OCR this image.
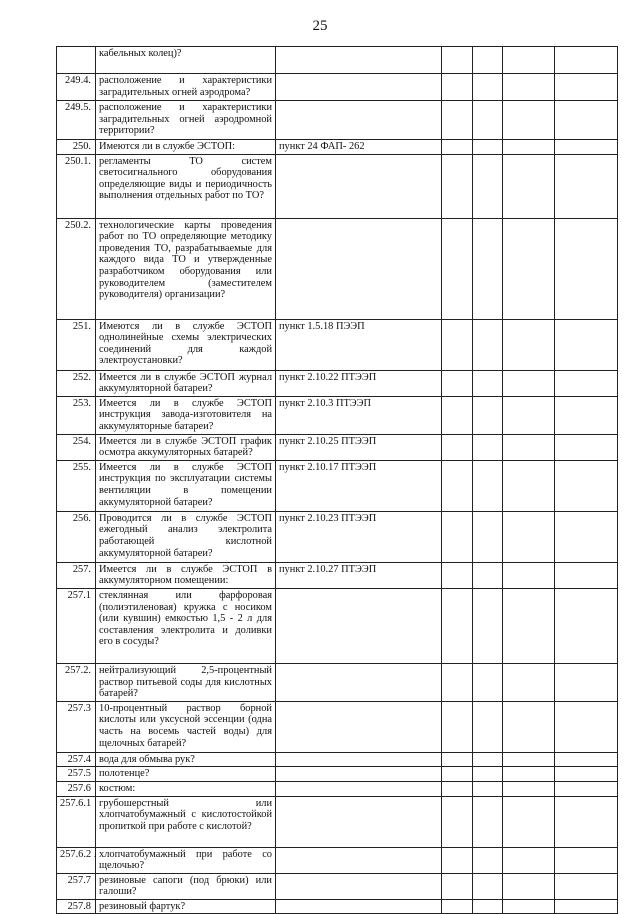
25
	кабельных колец)?					
249.4.	расположение и характеристики заградительных огней аэродрома?					
249.5.	расположение и характеристики заградительных огней аэродромной территории?					
250.	Имеются ли в службе ЭСТОП:	пункт 24 ФАП- 262				
250.1.	регламенты ТО систем светосигнального оборудования определяющие виды и периодичность выполнения отдельных работ по ТО?					
250.2.	технологические карты проведения работ по ТО определяющие методику проведения ТО, разрабатываемые для каждого вида ТО и утвержденные разработчиком оборудования или руководителем (заместителем руководителя) организации?					
251.	Имеются ли в службе ЭСТОП однолинейные схемы электрических соединений для каждой электроустановки?	пункт 1.5.18 ПЭЭП				
252.	Имеется ли в службе ЭСТОП журнал аккумуляторной батареи?	пункт 2.10.22 ПТЭЭП				
253.	Имеется ли в службе ЭСТОП инструкция завода-изготовителя на аккумуляторные батареи?	пункт 2.10.3 ПТЭЭП				
254.	Имеется ли в службе ЭСТОП график осмотра аккумуляторных батарей?	пункт 2.10.25 ПТЭЭП				
255.	Имеется ли в службе ЭСТОП инструкция по эксплуатации системы вентиляции в помещении аккумуляторной батареи?	пункт 2.10.17 ПТЭЭП				
256.	Проводится ли в службе ЭСТОП ежегодный анализ электролита работающей кислотной аккумуляторной батареи?	пункт 2.10.23 ПТЭЭП				
257.	Имеется ли в службе ЭСТОП в аккумуляторном помещении:	пункт 2.10.27 ПТЭЭП				
257.1	стеклянная или фарфоровая (полиэтиленовая) кружка с носиком (или кувшин) емкостью 1,5 - 2 л для составления электролита и доливки его в сосуды?					
257.2.	нейтрализующий 2,5-процентный раствор питьевой соды для кислотных батарей?					
257.3	10-процентный раствор борной кислоты или уксусной эссенции (одна часть на восемь частей воды) для щелочных батарей?					
257.4	вода для обмыва рук?					
257.5	полотенце?					
257.6	костюм:					
257.6.1	грубошерстный или хлопчатобумажный с кислотостойкой пропиткой при работе с кислотой?					
257.6.2 .	хлопчатобумажный при работе со щелочью?					
257.7	резиновые сапоги (под брюки) или галоши?					
257.8	резиновый фартук?					
